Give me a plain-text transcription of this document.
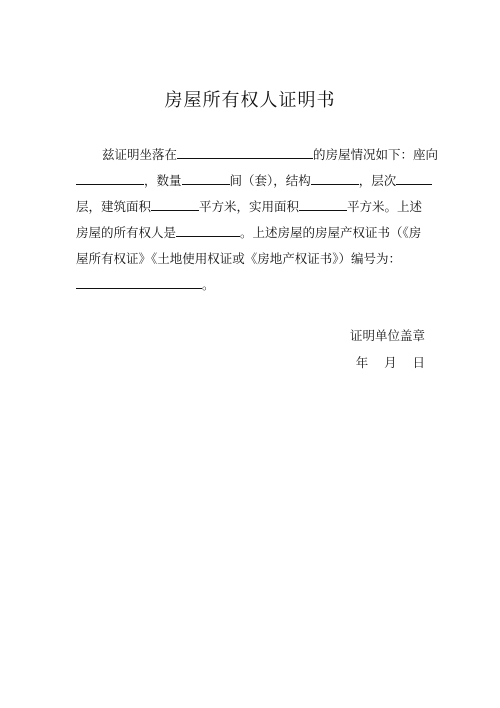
房屋所有权人证明书
兹证明坐落在	的房屋情况如下：座向
，数量	间（套），结构	，层次
层，建筑面积	平方米，实用面积	平方米。上述
房屋的所有权人是	。上述房屋的房屋产权证书（《房
屋所有权证》《土地使用权证或《房地产权证书》）编号为：
。
证明单位盖章
年    月    日
